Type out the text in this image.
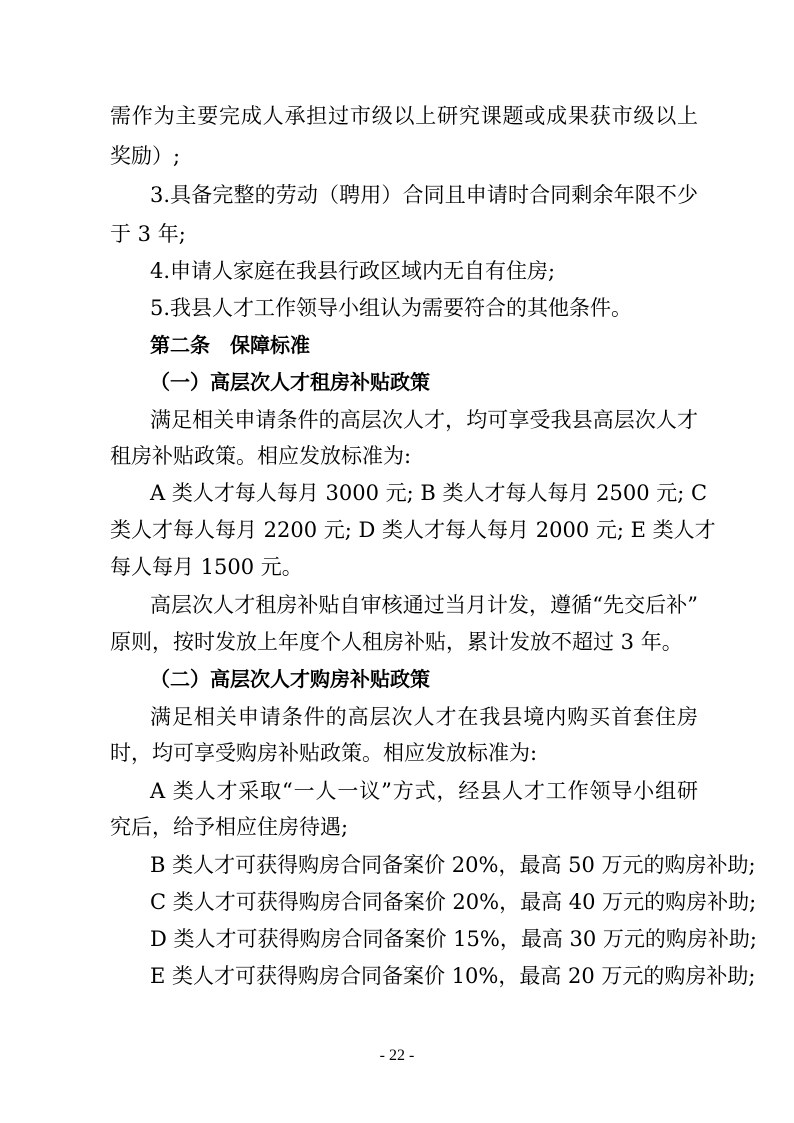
需作为主要完成人承担过市级以上研究课题或成果获市级以上
奖励）;
3.具备完整的劳动（聘用）合同且申请时合同剩余年限不少
于 3 年;
4.申请人家庭在我县行政区域内无自有住房;
5.我县人才工作领导小组认为需要符合的其他条件。
第二条　保障标准
（一）高层次人才租房补贴政策
满足相关申请条件的高层次人才，均可享受我县高层次人才
租房补贴政策。相应发放标准为:
A 类人才每人每月 3000 元; B 类人才每人每月 2500 元; C
类人才每人每月 2200 元; D 类人才每人每月 2000 元; E 类人才
每人每月 1500 元。
高层次人才租房补贴自审核通过当月计发，遵循“先交后补”
原则，按时发放上年度个人租房补贴，累计发放不超过 3 年。
（二）高层次人才购房补贴政策
满足相关申请条件的高层次人才在我县境内购买首套住房
时，均可享受购房补贴政策。相应发放标准为:
A 类人才采取“一人一议”方式，经县人才工作领导小组研
究后，给予相应住房待遇;
B 类人才可获得购房合同备案价 20%，最高 50 万元的购房补助;
C 类人才可获得购房合同备案价 20%，最高 40 万元的购房补助;
D 类人才可获得购房合同备案价 15%，最高 30 万元的购房补助;
E 类人才可获得购房合同备案价 10%，最高 20 万元的购房补助;
- 22 -
